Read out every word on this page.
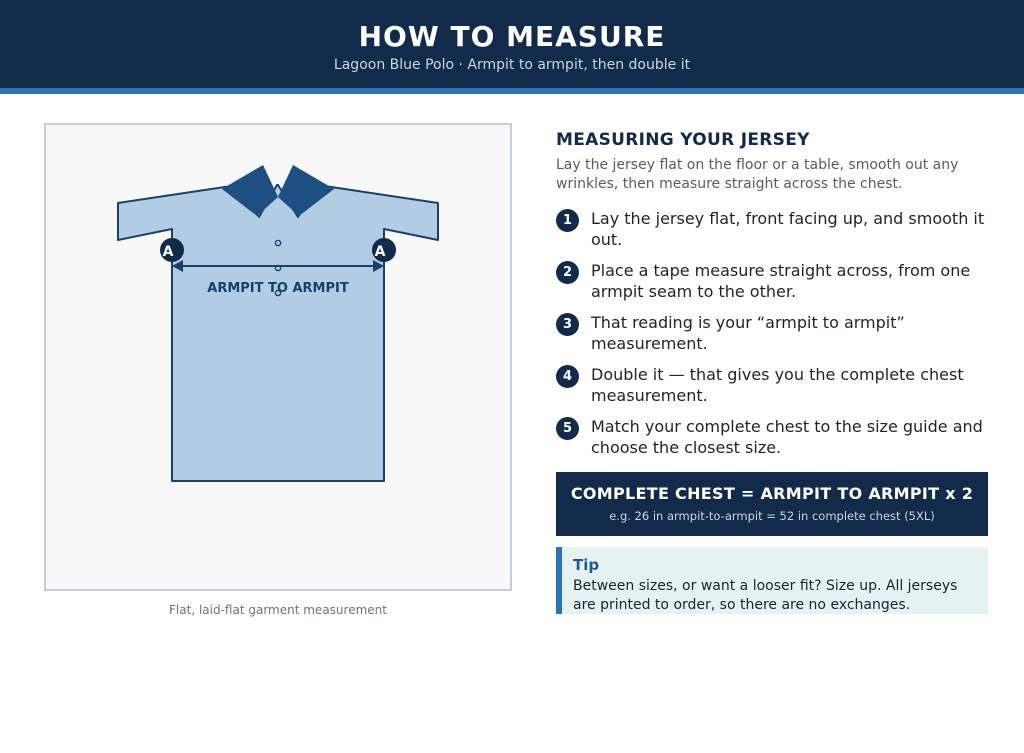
HOW TO MEASURE
Lagoon Blue Polo · Armpit to armpit, then double it
A	A
ARMPIT TO ARMPIT
Flat, laid-flat garment measurement
MEASURING YOUR JERSEY
Lay the jersey flat on the floor or a table, smooth out any wrinkles, then measure straight across the chest.
1	Lay the jersey flat, front facing up, and smooth it out.
2	Place a tape measure straight across, from one armpit seam to the other.
3	That reading is your “armpit to armpit” measurement.
4	Double it — that gives you the complete chest measurement.
5	Match your complete chest to the size guide and choose the closest size.
COMPLETE CHEST = ARMPIT TO ARMPIT x 2
e.g. 26 in armpit-to-armpit = 52 in complete chest (5XL)
Tip
Between sizes, or want a looser fit? Size up. All jerseys are printed to order, so there are no exchanges.
